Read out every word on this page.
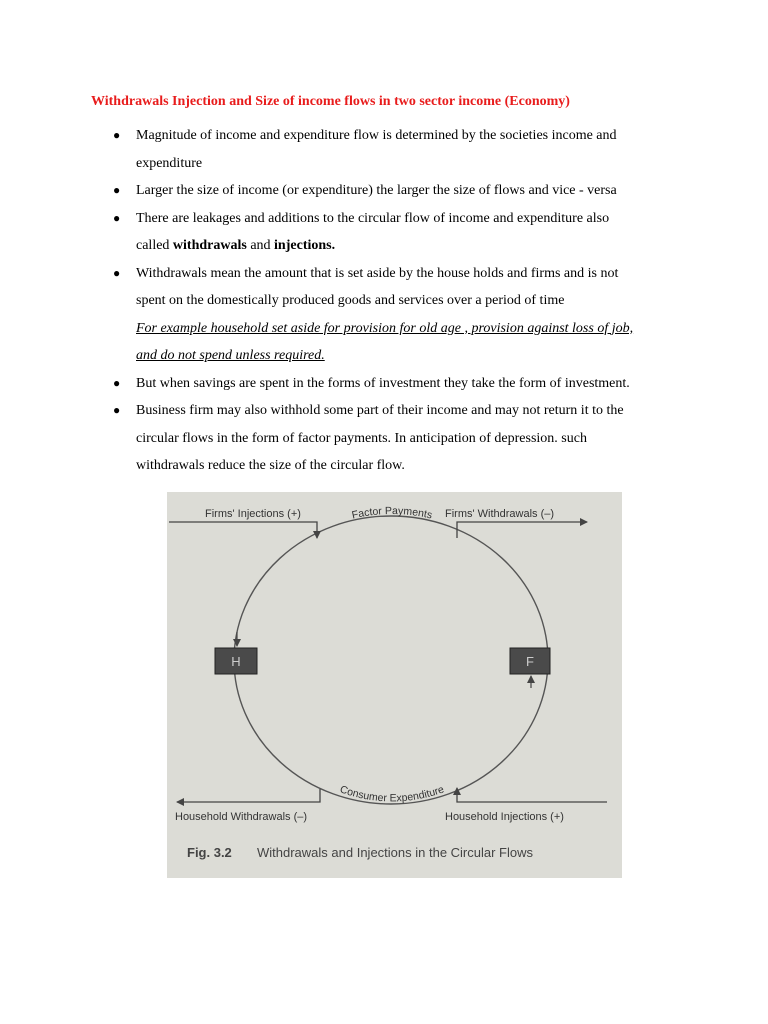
Withdrawals Injection and Size of income flows in two sector income (Economy)
● Magnitude of income and expenditure flow is determined by the societies income and
expenditure
● Larger the size of income (or expenditure) the larger the size of flows and vice - versa
● There are leakages and additions to the circular flow of income and expenditure also
called withdrawals and injections.
● Withdrawals mean the amount that is set aside by the house holds and firms and is not
spent on the domestically produced goods and services over a period of time
For example household set aside for provision for old age , provision against loss of job,
and do not spend unless required.
● But when savings are spent in the forms of investment they take the form of investment.
● Business firm may also withhold some part of their income and may not return it to the
circular flows in the form of factor payments. In anticipation of depression. such
withdrawals reduce the size of the circular flow.
H	F
Firms' Injections (+)	Firms' Withdrawals (–)
Household Withdrawals (–)	Household Injections (+)
Factor Payments
Consumer Expenditure
Fig. 3.2 Withdrawals and Injections in the Circular Flows
